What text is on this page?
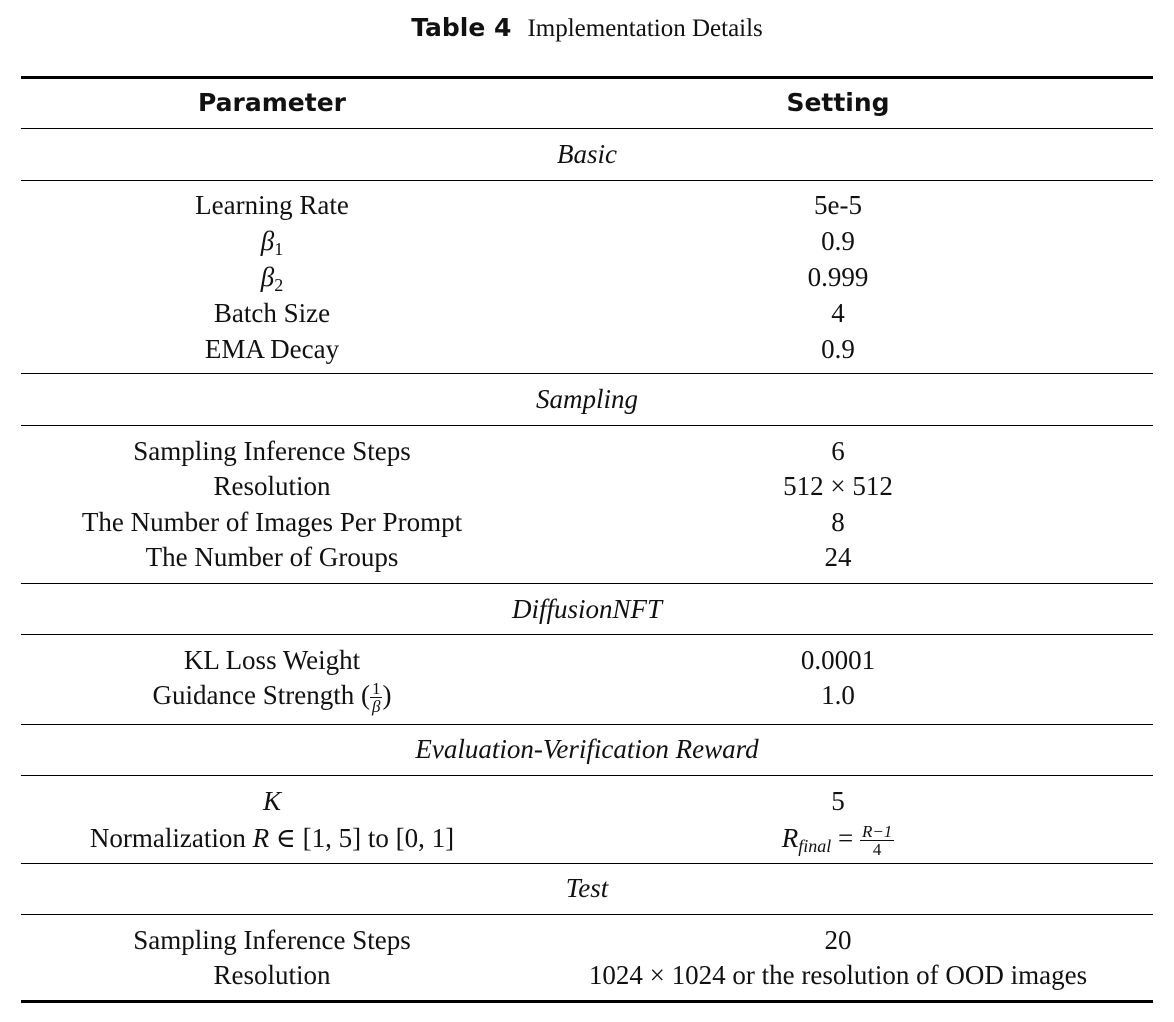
Table 4 Implementation Details
Parameter	Setting
Basic
Learning Rate	5e-5
$\beta_1$	0.9
$\beta_2$	0.999
Batch Size	4
EMA Decay	0.9
Sampling
Sampling Inference Steps	6
Resolution	512 × 512
The Number of Images Per Prompt	8
The Number of Groups	24
DiffusionNFT
KL Loss Weight	0.0001
Guidance Strength ( $\frac{1}{\beta}$ )	1.0
Evaluation-Verification Reward
K	5
Normalization R ∈ [1, 5] to [0, 1]	$R_{final} = \frac{R-1}{4}$
Test
Sampling Inference Steps	20
Resolution	1024 × 1024 or the resolution of OOD images
